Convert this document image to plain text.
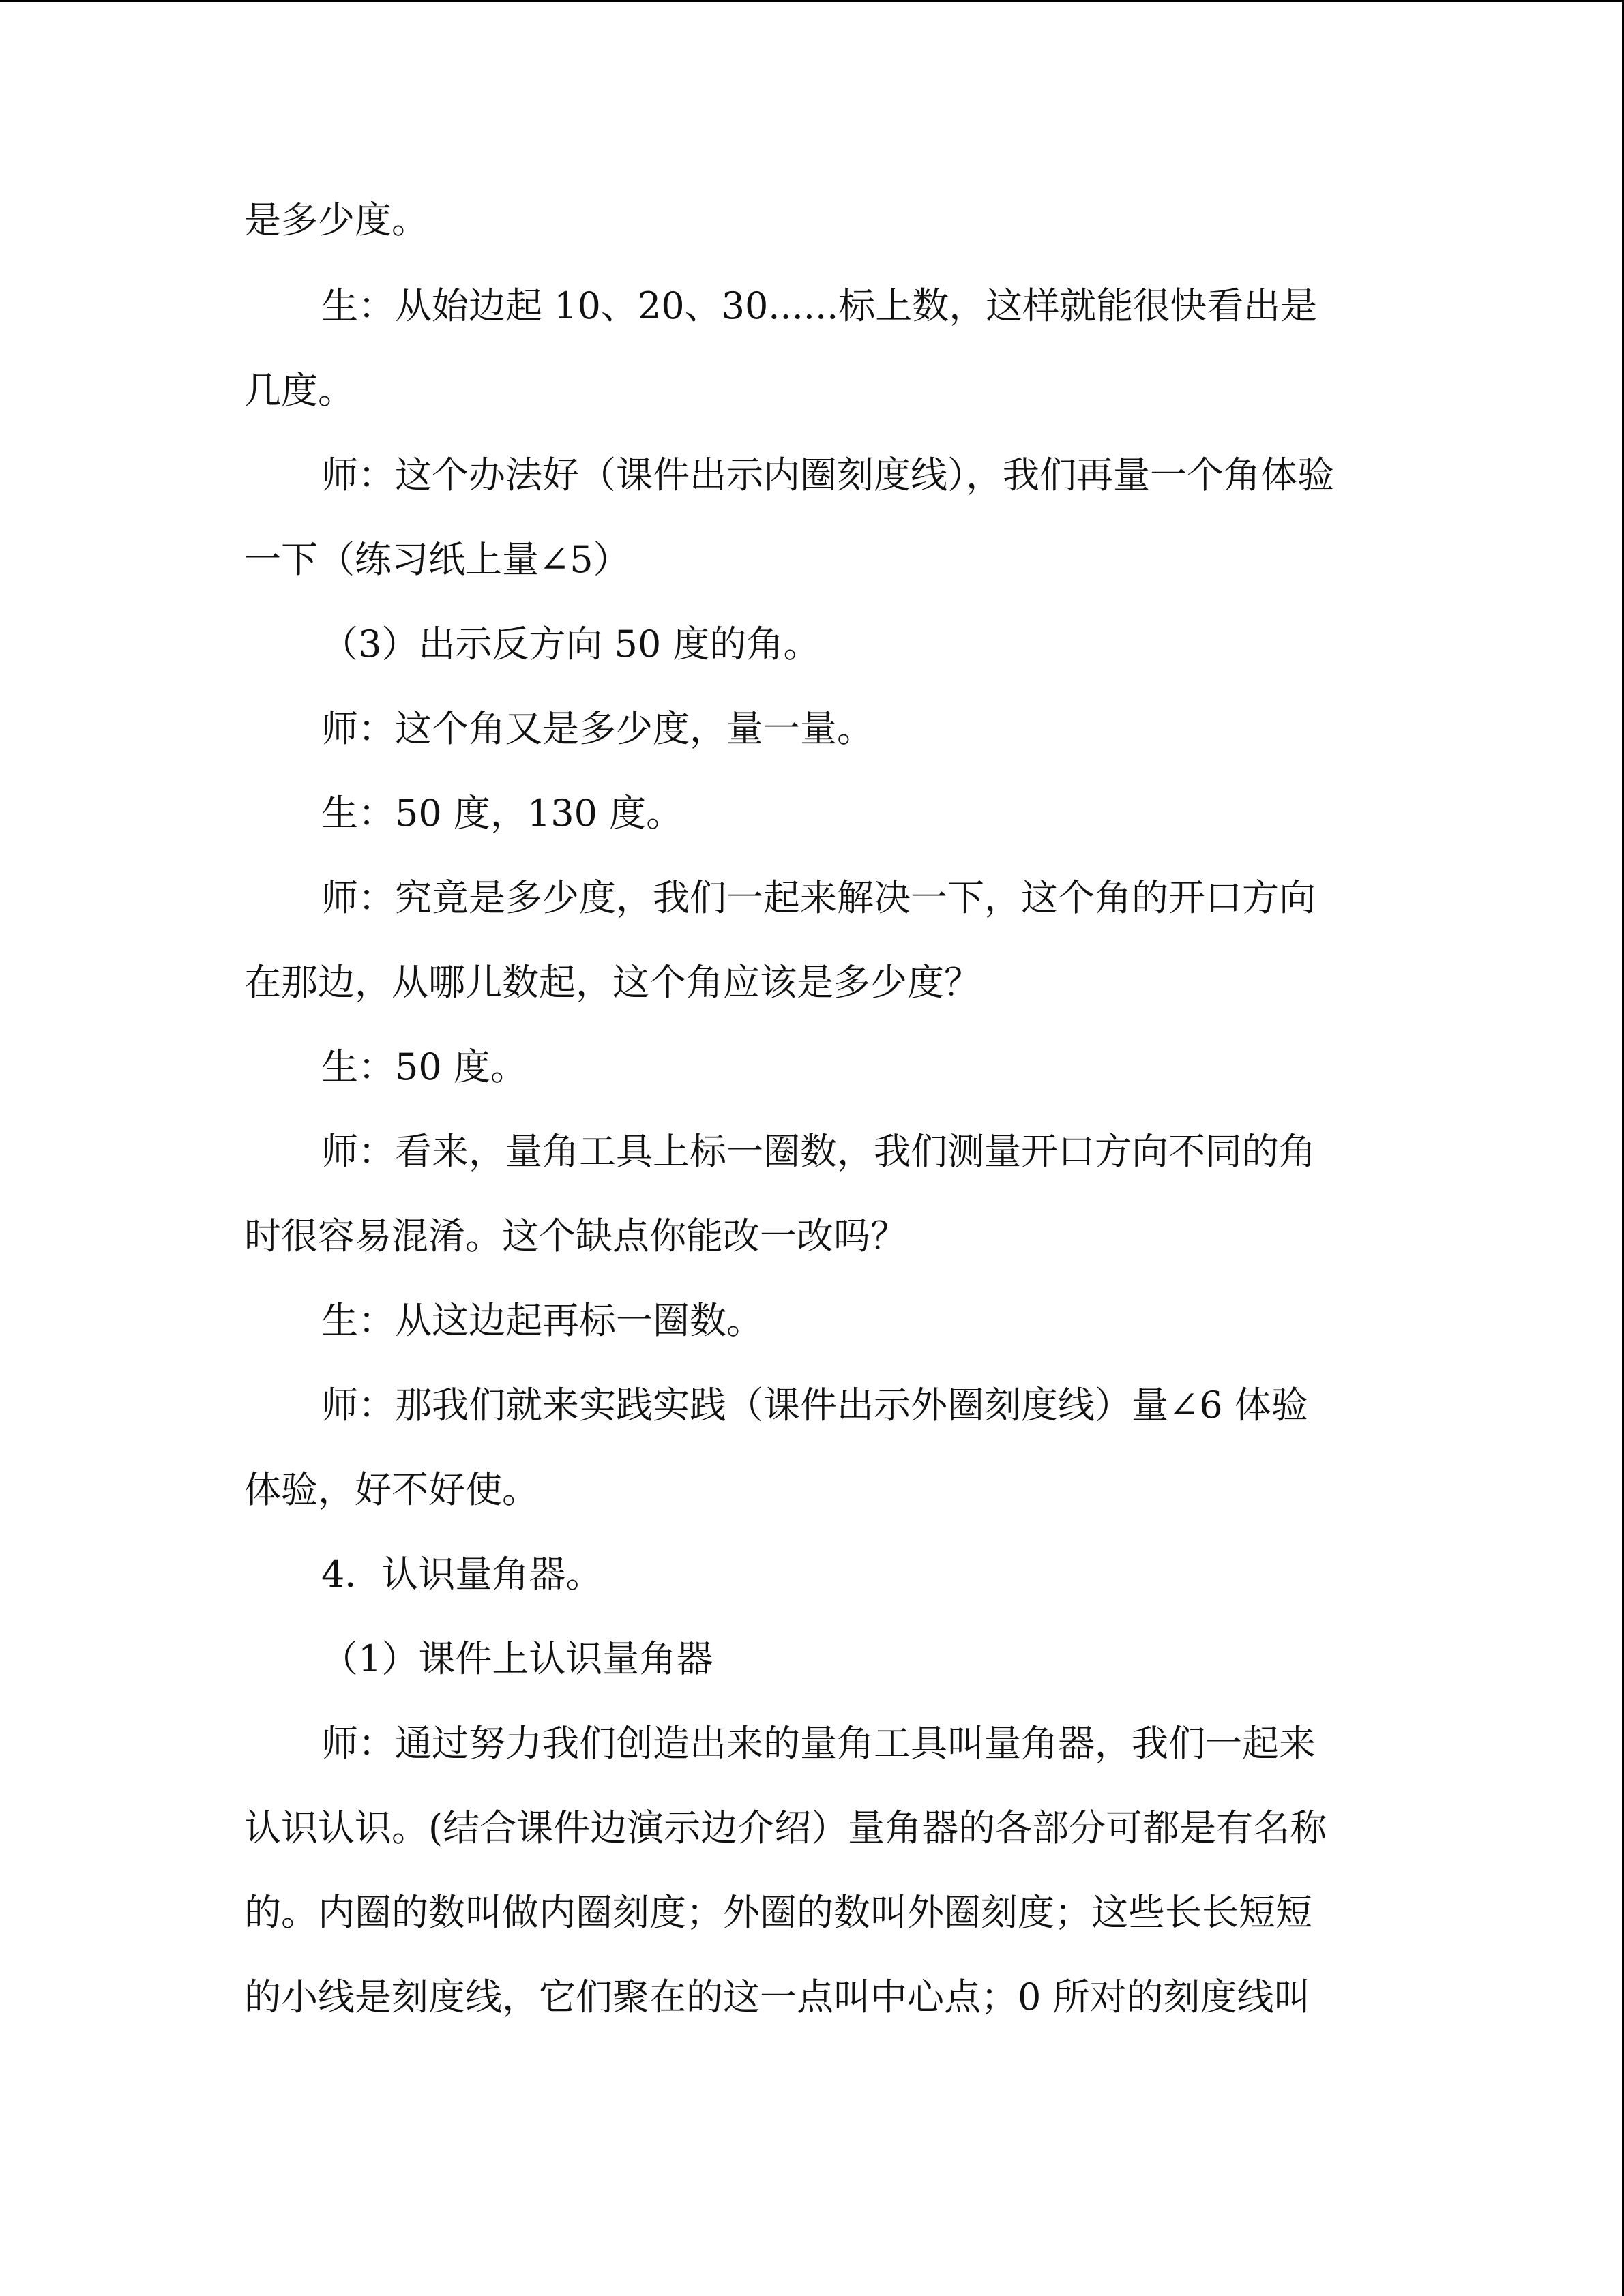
是多少度。
生：从始边起 10、20、30......标上数，这样就能很快看出是
几度。
师：这个办法好（课件出示内圈刻度线），我们再量一个角体验
一下（练习纸上量∠5）
（3）出示反方向 50 度的角。
师：这个角又是多少度，量一量。
生：50 度，130 度。
师：究竟是多少度，我们一起来解决一下，这个角的开口方向
在那边，从哪儿数起，这个角应该是多少度？
生：50 度。
师：看来，量角工具上标一圈数，我们测量开口方向不同的角
时很容易混淆。这个缺点你能改一改吗？
生：从这边起再标一圈数。
师：那我们就来实践实践（课件出示外圈刻度线）量∠6 体验
体验，好不好使。
4．认识量角器。
（1）课件上认识量角器
师：通过努力我们创造出来的量角工具叫量角器，我们一起来
认识认识。(结合课件边演示边介绍）量角器的各部分可都是有名称
的。内圈的数叫做内圈刻度；外圈的数叫外圈刻度；这些长长短短
的小线是刻度线，它们聚在的这一点叫中心点；0 所对的刻度线叫
